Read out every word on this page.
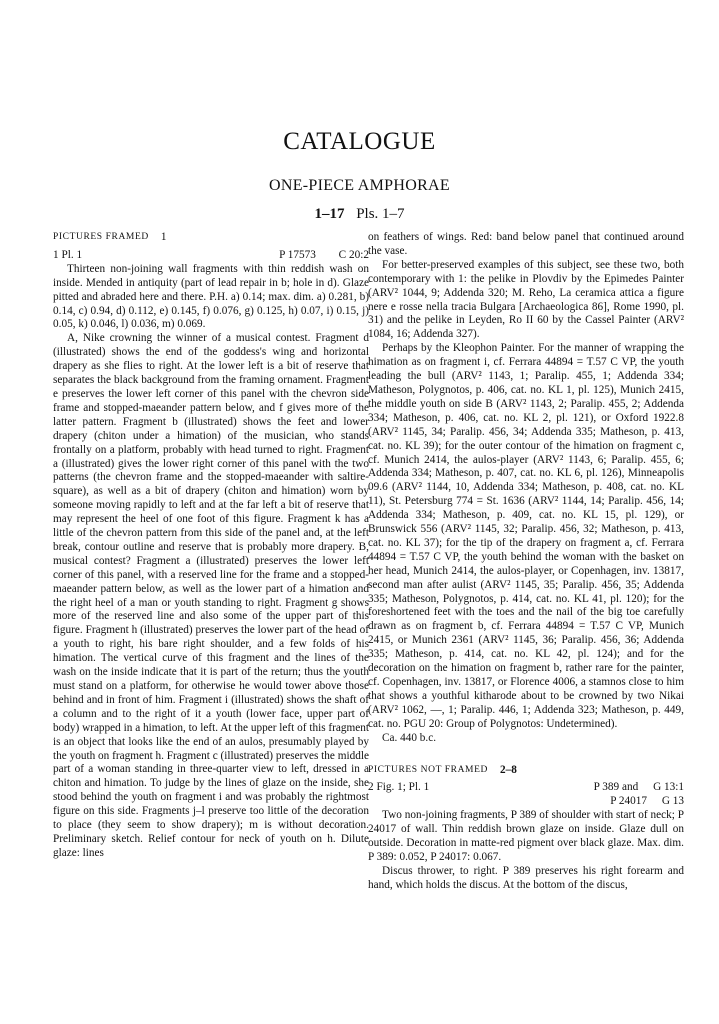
CATALOGUE
ONE-PIECE AMPHORAE
1–17 Pls. 1–7
PICTURES FRAMED 1
1 Pl. 1	P 17573 C 20:2

Thirteen non-joining wall fragments with thin reddish wash on inside. Mended in antiquity (part of lead repair in b; hole in d). Glaze pitted and abraded here and there. P.H. a) 0.14; max. dim. a) 0.281, b) 0.14, c) 0.94, d) 0.112, e) 0.145, f) 0.076, g) 0.125, h) 0.07, i) 0.15, j) 0.05, k) 0.046, l) 0.036, m) 0.069.

A, Nike crowning the winner of a musical contest. Fragment d (illustrated) shows the end of the goddess's wing and horizontal drapery as she flies to right. At the lower left is a bit of reserve that separates the black background from the framing ornament. Fragment e preserves the lower left corner of this panel with the chevron side frame and stopped-maeander pattern below, and f gives more of the latter pattern. Fragment b (illustrated) shows the feet and lower drapery (chiton under a himation) of the musician, who stands frontally on a platform, probably with head turned to right. Fragment a (illustrated) gives the lower right corner of this panel with the two patterns (the chevron frame and the stopped-maeander with saltire-square), as well as a bit of drapery (chiton and himation) worn by someone moving rapidly to left and at the far left a bit of reserve that may represent the heel of one foot of this figure. Fragment k has a little of the chevron pattern from this side of the panel and, at the left break, contour outline and reserve that is probably more drapery. B, musical contest? Fragment a (illustrated) preserves the lower left corner of this panel, with a reserved line for the frame and a stopped-maeander pattern below, as well as the lower part of a himation and the right heel of a man or youth standing to right. Fragment g shows more of the reserved line and also some of the upper part of this figure. Fragment h (illustrated) preserves the lower part of the head of a youth to right, his bare right shoulder, and a few folds of his himation. The vertical curve of this fragment and the lines of the wash on the inside indicate that it is part of the return; thus the youth must stand on a platform, for otherwise he would tower above those behind and in front of him. Fragment i (illustrated) shows the shaft of a column and to the right of it a youth (lower face, upper part of body) wrapped in a himation, to left. At the upper left of this fragment is an object that looks like the end of an aulos, presumably played by the youth on fragment h. Fragment c (illustrated) preserves the middle part of a woman standing in three-quarter view to left, dressed in a chiton and himation. To judge by the lines of glaze on the inside, she stood behind the youth on fragment i and was probably the rightmost figure on this side. Fragments j–l preserve too little of the decoration to place (they seem to show drapery); m is without decoration. Preliminary sketch. Relief contour for neck of youth on h. Dilute glaze: lines

on feathers of wings. Red: band below panel that continued around the vase.

For better-preserved examples of this subject, see these two, both contemporary with 1: the pelike in Plovdiv by the Epimedes Painter (ARV² 1044, 9; Addenda 320; M. Reho, La ceramica attica a figure nere e rosse nella tracia Bulgara [Archaeologica 86], Rome 1990, pl. 31) and the pelike in Leyden, Ro II 60 by the Cassel Painter (ARV² 1084, 16; Addenda 327).

Perhaps by the Kleophon Painter. For the manner of wrapping the himation as on fragment i, cf. Ferrara 44894 = T.57 C VP, the youth leading the bull (ARV² 1143, 1; Paralip. 455, 1; Addenda 334; Matheson, Polygnotos, p. 406, cat. no. KL 1, pl. 125), Munich 2415, the middle youth on side B (ARV² 1143, 2; Paralip. 455, 2; Addenda 334; Matheson, p. 406, cat. no. KL 2, pl. 121), or Oxford 1922.8 (ARV² 1145, 34; Paralip. 456, 34; Addenda 335; Matheson, p. 413, cat. no. KL 39); for the outer contour of the himation on fragment c, cf. Munich 2414, the aulos-player (ARV² 1143, 6; Paralip. 455, 6; Addenda 334; Matheson, p. 407, cat. no. KL 6, pl. 126), Minneapolis 09.6 (ARV² 1144, 10, Addenda 334; Matheson, p. 408, cat. no. KL 11), St. Petersburg 774 = St. 1636 (ARV² 1144, 14; Paralip. 456, 14; Addenda 334; Matheson, p. 409, cat. no. KL 15, pl. 129), or Brunswick 556 (ARV² 1145, 32; Paralip. 456, 32; Matheson, p. 413, cat. no. KL 37); for the tip of the drapery on fragment a, cf. Ferrara 44894 = T.57 C VP, the youth behind the woman with the basket on her head, Munich 2414, the aulos-player, or Copenhagen, inv. 13817, second man after aulist (ARV² 1145, 35; Paralip. 456, 35; Addenda 335; Matheson, Polygnotos, p. 414, cat. no. KL 41, pl. 120); for the foreshortened feet with the toes and the nail of the big toe carefully drawn as on fragment b, cf. Ferrara 44894 = T.57 C VP, Munich 2415, or Munich 2361 (ARV² 1145, 36; Paralip. 456, 36; Addenda 335; Matheson, p. 414, cat. no. KL 42, pl. 124); and for the decoration on the himation on fragment b, rather rare for the painter, cf. Copenhagen, inv. 13817, or Florence 4006, a stamnos close to him that shows a youthful kitharode about to be crowned by two Nikai (ARV² 1062, —, 1; Paralip. 446, 1; Addenda 323; Matheson, p. 449, cat. no. PGU 20: Group of Polygnotos: Undetermined).

Ca. 440 b.c.

PICTURES NOT FRAMED 2–8
2 Fig. 1; Pl. 1	P 389 and G 13:1
P 24017 G 13

Two non-joining fragments, P 389 of shoulder with start of neck; P 24017 of wall. Thin reddish brown glaze on inside. Glaze dull on outside. Decoration in matte-red pigment over black glaze. Max. dim. P 389: 0.052, P 24017: 0.067.

Discus thrower, to right. P 389 preserves his right forearm and hand, which holds the discus. At the bottom of the discus,
